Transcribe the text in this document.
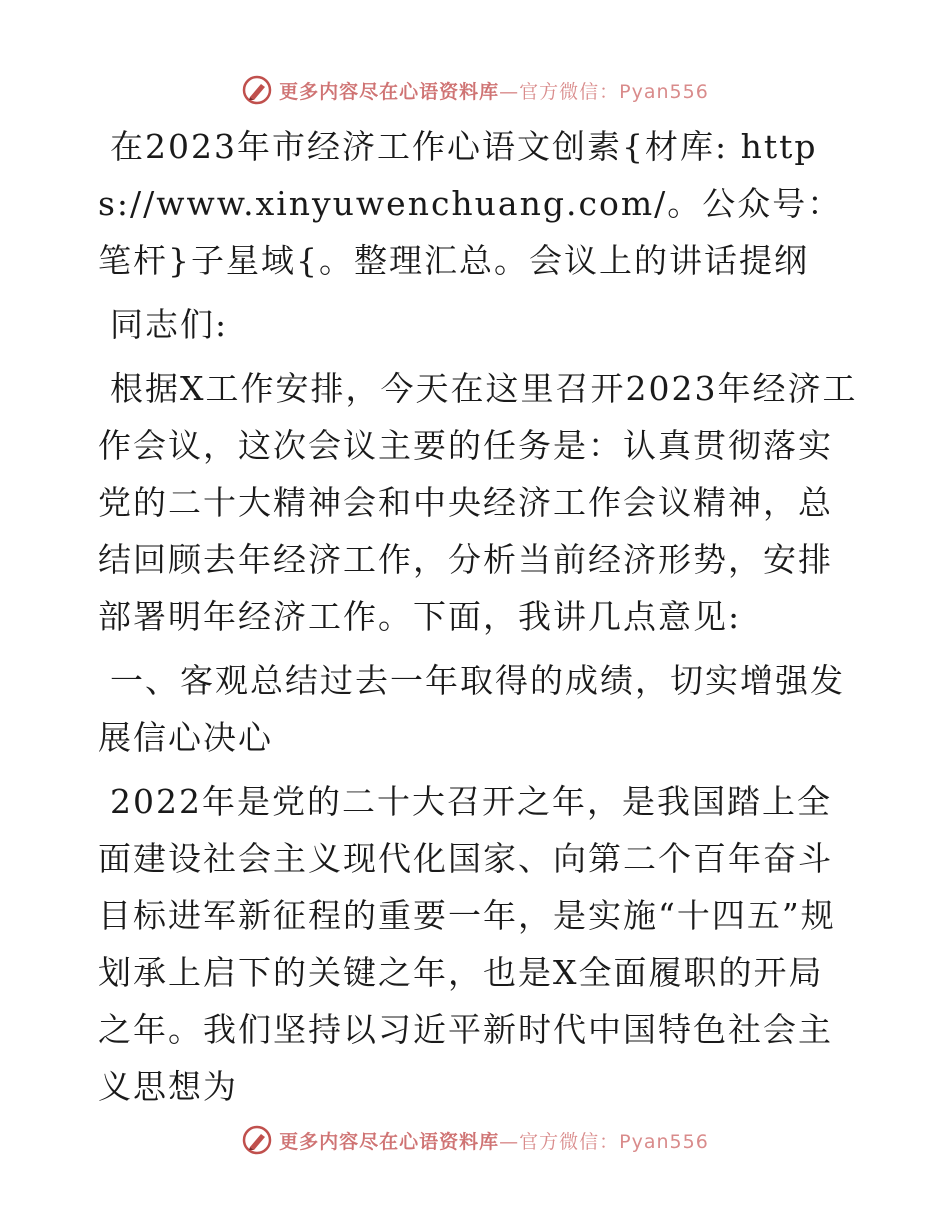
更多内容尽在心语资料库—官方微信：Pyan556

在2023年市经济工作心语文创素{材库: https://www.xinyuwenchuang.com/。公众号：笔杆}子星域{。整理汇总。会议上的讲话提纲

同志们:

根据X工作安排，今天在这里召开2023年经济工作会议，这次会议主要的任务是：认真贯彻落实党的二十大精神会和中央经济工作会议精神，总结回顾去年经济工作，分析当前经济形势，安排部署明年经济工作。下面，我讲几点意见:

一、客观总结过去一年取得的成绩，切实增强发展信心决心

2022年是党的二十大召开之年，是我国踏上全面建设社会主义现代化国家、向第二个百年奋斗目标进军新征程的重要一年，是实施“十四五”规划承上启下的关键之年，也是X全面履职的开局之年。我们坚持以习近平新时代中国特色社会主义思想为

更多内容尽在心语资料库—官方微信：Pyan556
